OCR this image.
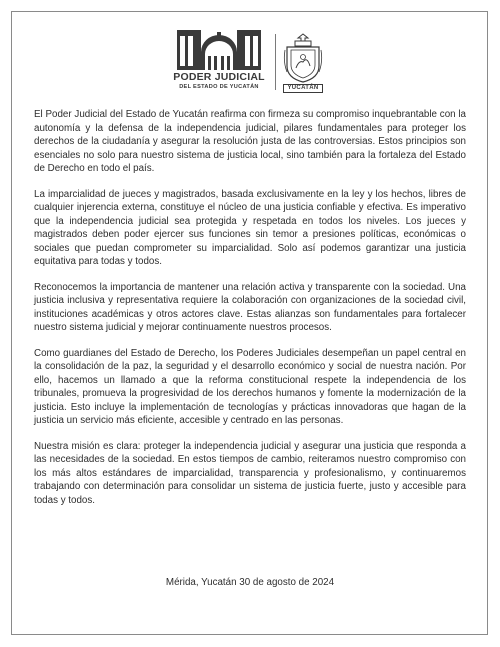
PODER JUDICIAL
DEL ESTADO DE YUCATÁN	YUCATÁN

El Poder Judicial del Estado de Yucatán reafirma con firmeza su compromiso inquebrantable con la autonomía y la defensa de la independencia judicial, pilares fundamentales para proteger los derechos de la ciudadanía y asegurar la resolución justa de las controversias. Estos principios son esenciales no solo para nuestro sistema de justicia local, sino también para la fortaleza del Estado de Derecho en todo el país.

La imparcialidad de jueces y magistrados, basada exclusivamente en la ley y los hechos, libres de cualquier injerencia externa, constituye el núcleo de una justicia confiable y efectiva. Es imperativo que la independencia judicial sea protegida y respetada en todos los niveles. Los jueces y magistrados deben poder ejercer sus funciones sin temor a presiones políticas, económicas o sociales que puedan comprometer su imparcialidad. Solo así podemos garantizar una justicia equitativa para todas y todos.

Reconocemos la importancia de mantener una relación activa y transparente con la sociedad. Una justicia inclusiva y representativa requiere la colaboración con organizaciones de la sociedad civil, instituciones académicas y otros actores clave. Estas alianzas son fundamentales para fortalecer nuestro sistema judicial y mejorar continuamente nuestros procesos.

Como guardianes del Estado de Derecho, los Poderes Judiciales desempeñan un papel central en la consolidación de la paz, la seguridad y el desarrollo económico y social de nuestra nación. Por ello, hacemos un llamado a que la reforma constitucional respete la independencia de los tribunales, promueva la progresividad de los derechos humanos y fomente la modernización de la justicia. Esto incluye la implementación de tecnologías y prácticas innovadoras que hagan de la justicia un servicio más eficiente, accesible y centrado en las personas.

Nuestra misión es clara: proteger la independencia judicial y asegurar una justicia que responda a las necesidades de la sociedad. En estos tiempos de cambio, reiteramos nuestro compromiso con los más altos estándares de imparcialidad, transparencia y profesionalismo, y continuaremos trabajando con determinación para consolidar un sistema de justicia fuerte, justo y accesible para todas y todos.

Mérida, Yucatán 30 de agosto de 2024
